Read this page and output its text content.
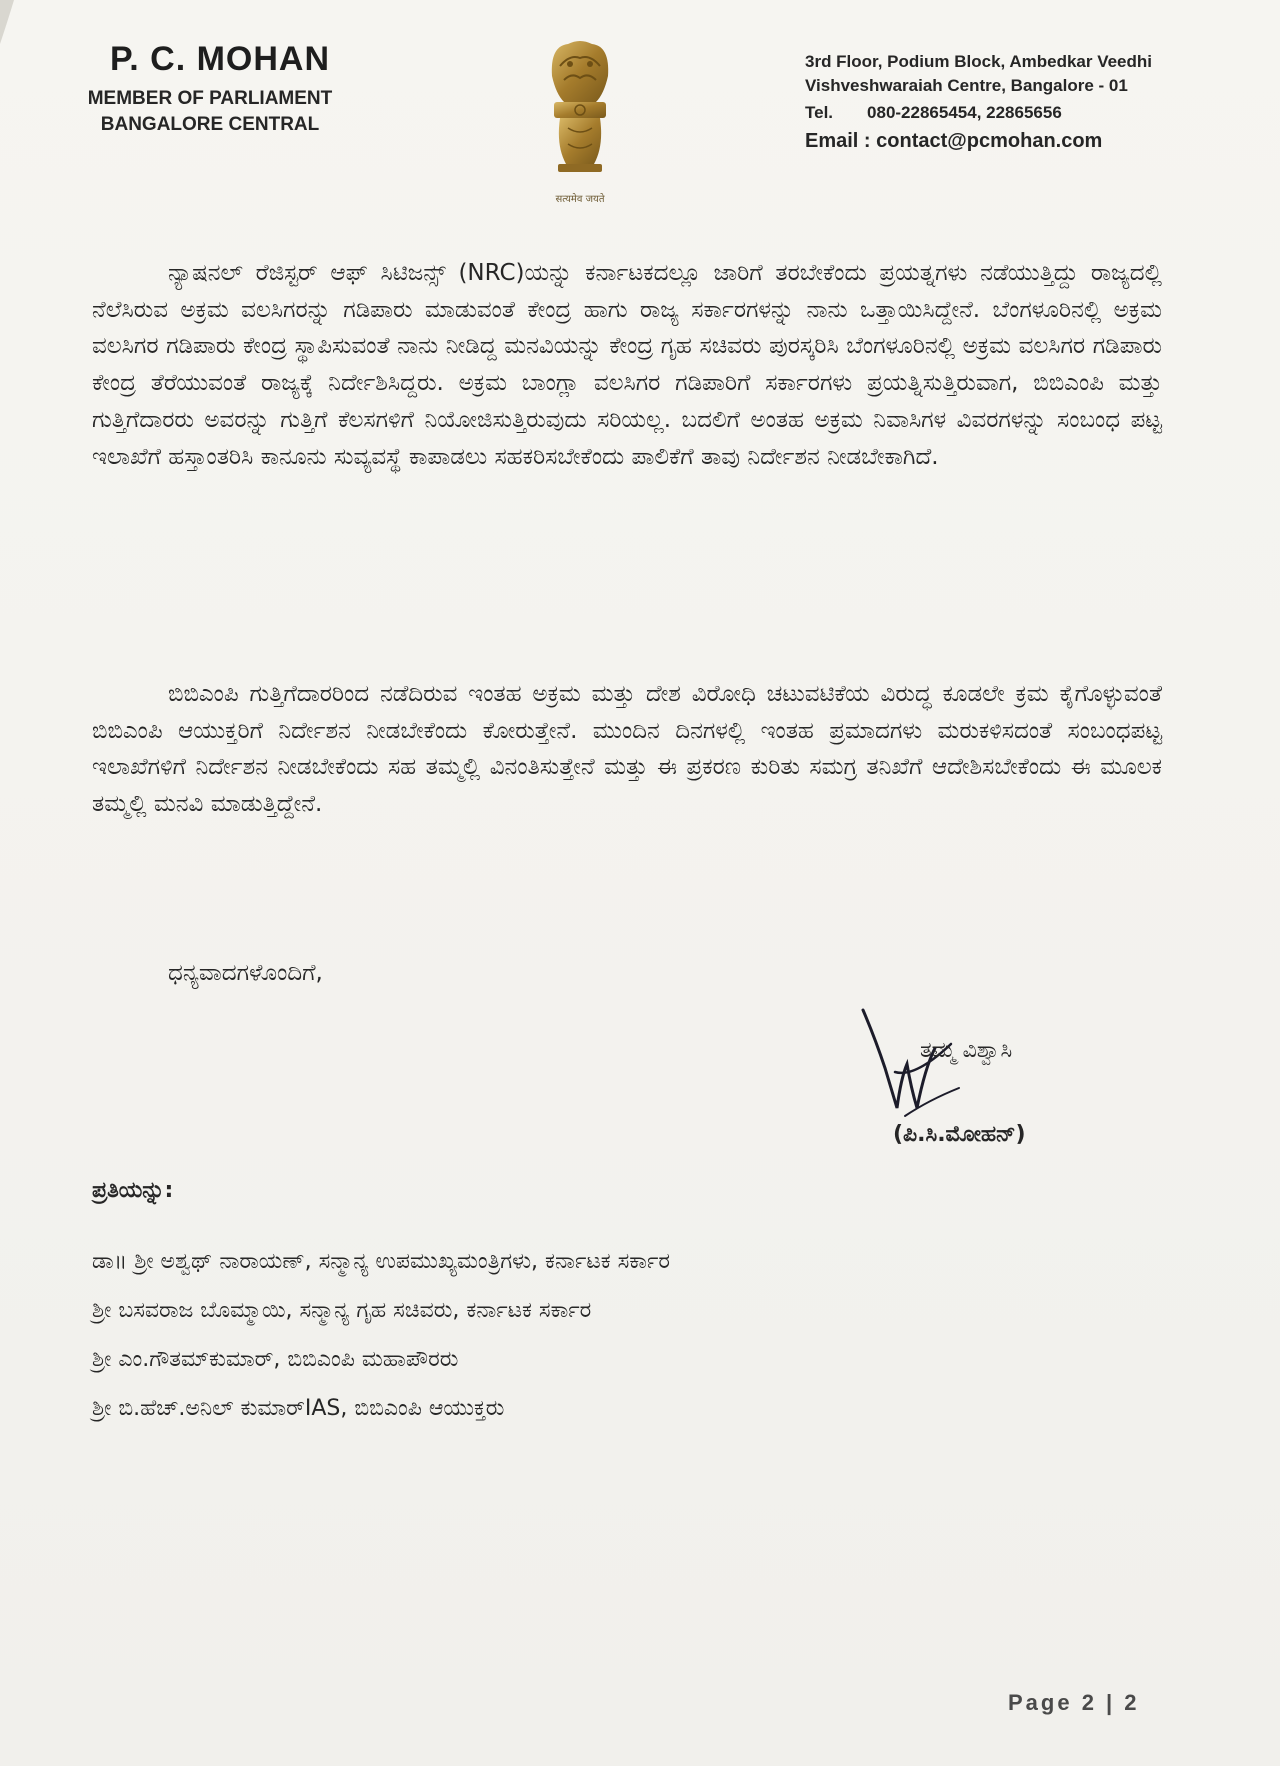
P. C. MOHAN
MEMBER OF PARLIAMENT
BANGALORE CENTRAL
सत्यमेव जयते
3rd Floor, Podium Block, Ambedkar Veedhi
Vishveshwaraiah Centre, Bangalore - 01
Tel. 080-22865454, 22865656
Email : contact@pcmohan.com
ನ್ಯಾಷನಲ್ ರೆಜಿಸ್ಟರ್ ಆಫ್ ಸಿಟಿಜನ್ಸ್ (NRC)ಯನ್ನು ಕರ್ನಾಟಕದಲ್ಲೂ ಜಾರಿಗೆ ತರಬೇಕೆಂದು ಪ್ರಯತ್ನಗಳು ನಡೆಯುತ್ತಿದ್ದು ರಾಜ್ಯದಲ್ಲಿ ನೆಲೆಸಿರುವ ಅಕ್ರಮ ವಲಸಿಗರನ್ನು ಗಡಿಪಾರು ಮಾಡುವಂತೆ ಕೇಂದ್ರ ಹಾಗು ರಾಜ್ಯ ಸರ್ಕಾರಗಳನ್ನು ನಾನು ಒತ್ತಾಯಿಸಿದ್ದೇನೆ. ಬೆಂಗಳೂರಿನಲ್ಲಿ ಅಕ್ರಮ ವಲಸಿಗರ ಗಡಿಪಾರು ಕೇಂದ್ರ ಸ್ಥಾಪಿಸುವಂತೆ ನಾನು ನೀಡಿದ್ದ ಮನವಿಯನ್ನು ಕೇಂದ್ರ ಗೃಹ ಸಚಿವರು ಪುರಸ್ಕರಿಸಿ ಬೆಂಗಳೂರಿನಲ್ಲಿ ಅಕ್ರಮ ವಲಸಿಗರ ಗಡಿಪಾರು ಕೇಂದ್ರ ತೆರೆಯುವಂತೆ ರಾಜ್ಯಕ್ಕೆ ನಿರ್ದೇಶಿಸಿದ್ದರು. ಅಕ್ರಮ ಬಾಂಗ್ಲಾ ವಲಸಿಗರ ಗಡಿಪಾರಿಗೆ ಸರ್ಕಾರಗಳು ಪ್ರಯತ್ನಿಸುತ್ತಿರುವಾಗ, ಬಿಬಿಎಂಪಿ ಮತ್ತು ಗುತ್ತಿಗೆದಾರರು ಅವರನ್ನು ಗುತ್ತಿಗೆ ಕೆಲಸಗಳಿಗೆ ನಿಯೋಜಿಸುತ್ತಿರುವುದು ಸರಿಯಲ್ಲ. ಬದಲಿಗೆ ಅಂತಹ ಅಕ್ರಮ ನಿವಾಸಿಗಳ ವಿವರಗಳನ್ನು ಸಂಬಂಧ ಪಟ್ಟ ಇಲಾಖೆಗೆ ಹಸ್ತಾಂತರಿಸಿ ಕಾನೂನು ಸುವ್ಯವಸ್ಥೆ ಕಾಪಾಡಲು ಸಹಕರಿಸಬೇಕೆಂದು ಪಾಲಿಕೆಗೆ ತಾವು ನಿರ್ದೇಶನ ನೀಡಬೇಕಾಗಿದೆ.
ಬಿಬಿಎಂಪಿ ಗುತ್ತಿಗೆದಾರರಿಂದ ನಡೆದಿರುವ ಇಂತಹ ಅಕ್ರಮ ಮತ್ತು ದೇಶ ವಿರೋಧಿ ಚಟುವಟಿಕೆಯ ವಿರುದ್ಧ ಕೂಡಲೇ ಕ್ರಮ ಕೈಗೊಳ್ಳುವಂತೆ ಬಿಬಿಎಂಪಿ ಆಯುಕ್ತರಿಗೆ ನಿರ್ದೇಶನ ನೀಡಬೇಕೆಂದು ಕೋರುತ್ತೇನೆ. ಮುಂದಿನ ದಿನಗಳಲ್ಲಿ ಇಂತಹ ಪ್ರಮಾದಗಳು ಮರುಕಳಿಸದಂತೆ ಸಂಬಂಧಪಟ್ಟ ಇಲಾಖೆಗಳಿಗೆ ನಿರ್ದೇಶನ ನೀಡಬೇಕೆಂದು ಸಹ ತಮ್ಮಲ್ಲಿ ವಿನಂತಿಸುತ್ತೇನೆ ಮತ್ತು ಈ ಪ್ರಕರಣ ಕುರಿತು ಸಮಗ್ರ ತನಿಖೆಗೆ ಆದೇಶಿಸಬೇಕೆಂದು ಈ ಮೂಲಕ ತಮ್ಮಲ್ಲಿ ಮನವಿ ಮಾಡುತ್ತಿದ್ದೇನೆ.
ಧನ್ಯವಾದಗಳೊಂದಿಗೆ,
ತಮ್ಮ ವಿಶ್ವಾಸಿ
(ಪಿ.ಸಿ.ಮೋಹನ್)
ಪ್ರತಿಯನ್ನು:
ಡಾ॥ ಶ್ರೀ ಅಶ್ವಥ್ ನಾರಾಯಣ್, ಸನ್ಮಾನ್ಯ ಉಪಮುಖ್ಯಮಂತ್ರಿಗಳು, ಕರ್ನಾಟಕ ಸರ್ಕಾರ
ಶ್ರೀ ಬಸವರಾಜ ಬೊಮ್ಮಾಯಿ, ಸನ್ಮಾನ್ಯ ಗೃಹ ಸಚಿವರು, ಕರ್ನಾಟಕ ಸರ್ಕಾರ
ಶ್ರೀ ಎಂ.ಗೌತಮ್‌ಕುಮಾರ್, ಬಿಬಿಎಂಪಿ ಮಹಾಪೌರರು
ಶ್ರೀ ಬಿ.ಹೆಚ್.ಅನಿಲ್ ಕುಮಾರ್IAS, ಬಿಬಿಎಂಪಿ ಆಯುಕ್ತರು
Page 2 | 2
